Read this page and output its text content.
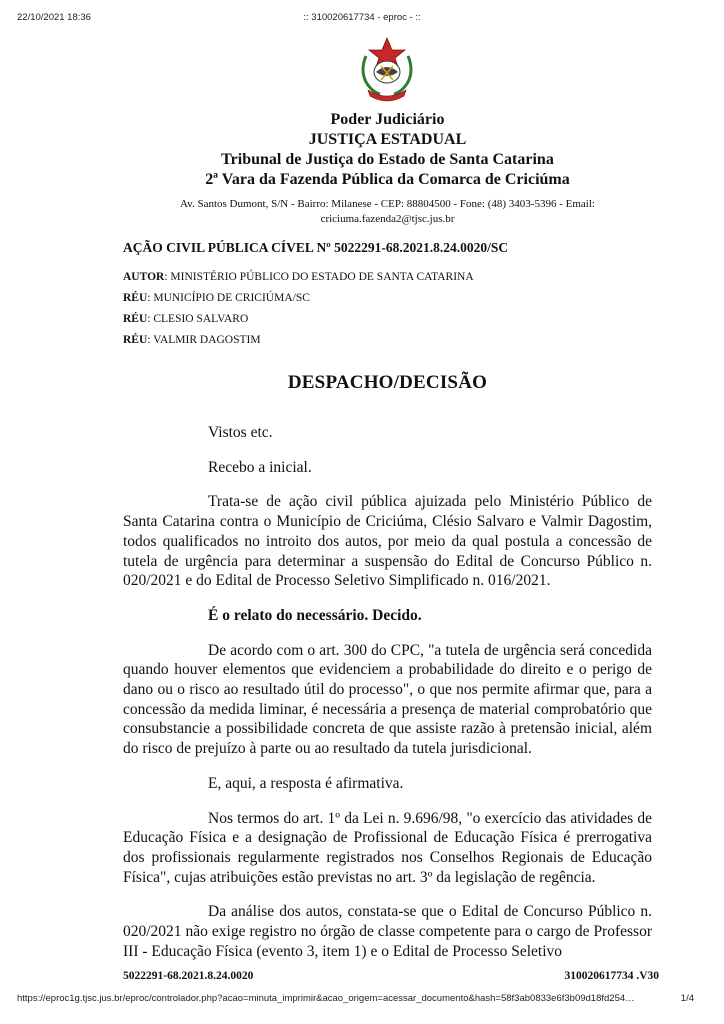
22/10/2021 18:36	:: 310020617734 - eproc - ::
Poder Judiciário
JUSTIÇA ESTADUAL
Tribunal de Justiça do Estado de Santa Catarina
2ª Vara da Fazenda Pública da Comarca de Criciúma
Av. Santos Dumont, S/N - Bairro: Milanese - CEP: 88804500 - Fone: (48) 3403-5396 - Email:
criciuma.fazenda2@tjsc.jus.br
AÇÃO CIVIL PÚBLICA CÍVEL Nº 5022291-68.2021.8.24.0020/SC
AUTOR: MINISTÉRIO PÚBLICO DO ESTADO DE SANTA CATARINA
RÉU: MUNICÍPIO DE CRICIÚMA/SC
RÉU: CLESIO SALVARO
RÉU: VALMIR DAGOSTIM
DESPACHO/DECISÃO

Vistos etc.

Recebo a inicial.

Trata-se de ação civil pública ajuizada pelo Ministério Público de Santa Catarina contra o Município de Criciúma, Clésio Salvaro e Valmir Dagostim, todos qualificados no introito dos autos, por meio da qual postula a concessão de tutela de urgência para determinar a suspensão do Edital de Concurso Público n. 020/2021 e do Edital de Processo Seletivo Simplificado n. 016/2021.

É o relato do necessário. Decido.

De acordo com o art. 300 do CPC, "a tutela de urgência será concedida quando houver elementos que evidenciem a probabilidade do direito e o perigo de dano ou o risco ao resultado útil do processo", o que nos permite afirmar que, para a concessão da medida liminar, é necessária a presença de material comprobatório que consubstancie a possibilidade concreta de que assiste razão à pretensão inicial, além do risco de prejuízo à parte ou ao resultado da tutela jurisdicional.

E, aqui, a resposta é afirmativa.

Nos termos do art. 1º da Lei n. 9.696/98, "o exercício das atividades de Educação Física e a designação de Profissional de Educação Física é prerrogativa dos profissionais regularmente registrados nos Conselhos Regionais de Educação Física", cujas atribuições estão previstas no art. 3º da legislação de regência.

Da análise dos autos, constata-se que o Edital de Concurso Público n. 020/2021 não exige registro no órgão de classe competente para o cargo de Professor III - Educação Física (evento 3, item 1) e o Edital de Processo Seletivo

5022291-68.2021.8.24.0020	310020617734 .V30
https://eproc1g.tjsc.jus.br/eproc/controlador.php?acao=minuta_imprimir&acao_origem=acessar_documento&hash=58f3ab0833e6f3b09d18fd254…	1/4
